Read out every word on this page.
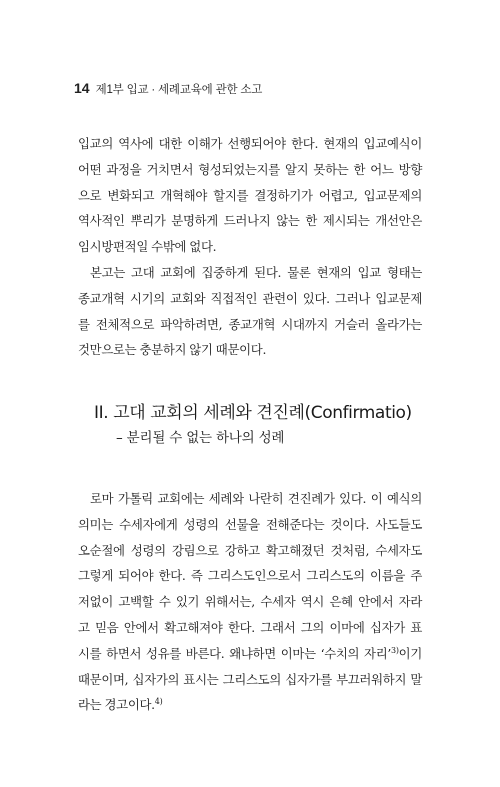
14 제1부 입교 · 세례교육에 관한 소고

입교의 역사에 대한 이해가 선행되어야 한다. 현재의 입교예식이
어떤 과정을 거치면서 형성되었는지를 알지 못하는 한 어느 방향
으로 변화되고 개혁해야 할지를 결정하기가 어렵고, 입교문제의
역사적인 뿌리가 분명하게 드러나지 않는 한 제시되는 개선안은
임시방편적일 수밖에 없다.

본고는 고대 교회에 집중하게 된다. 물론 현재의 입교 형태는
종교개혁 시기의 교회와 직접적인 관련이 있다. 그러나 입교문제
를 전체적으로 파악하려면, 종교개혁 시대까지 거슬러 올라가는
것만으로는 충분하지 않기 때문이다.

II. 고대 교회의 세례와 견진례(Confirmatio)
– 분리될 수 없는 하나의 성례

로마 가톨릭 교회에는 세례와 나란히 견진례가 있다. 이 예식의
의미는 수세자에게 성령의 선물을 전해준다는 것이다. 사도들도
오순절에 성령의 강림으로 강하고 확고해졌던 것처럼, 수세자도
그렇게 되어야 한다. 즉 그리스도인으로서 그리스도의 이름을 주
저없이 고백할 수 있기 위해서는, 수세자 역시 은혜 안에서 자라
고 믿음 안에서 확고해져야 한다. 그래서 그의 이마에 십자가 표
시를 하면서 성유를 바른다. 왜냐하면 이마는 ‘수치의 자리’$^{3)}$이기
때문이며, 십자가의 표시는 그리스도의 십자가를 부끄러워하지 말
라는 경고이다.$^{4)}$
